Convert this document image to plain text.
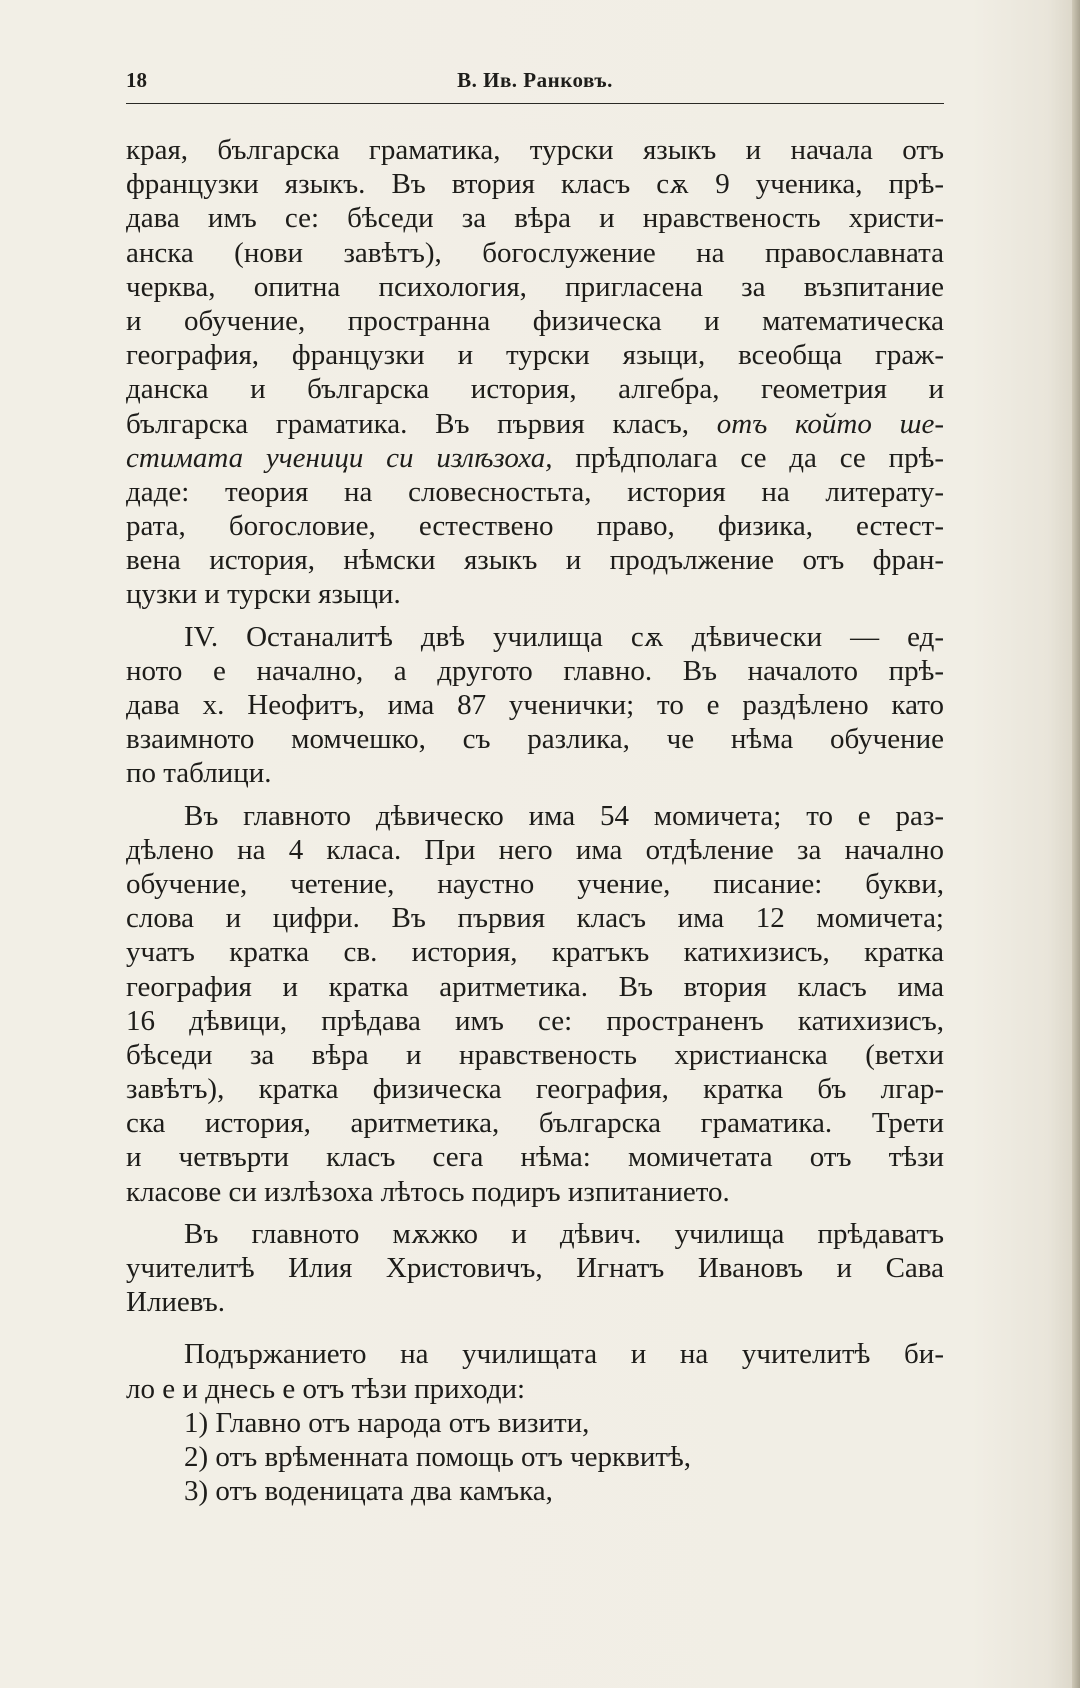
18	В. Ив. Ранковъ.
края, българска граматика, турски языкъ и начала отъ
французки языкъ. Въ втория класъ сѫ 9 ученика, прѣ-
дава имъ се: бѣседи за вѣра и нравственость христи-
анска (нови завѣтъ), богослужение на православната
черква, опитна психология, пригласена за възпитание
и обучение, пространна физическа и математическа
география, французки и турски языци, всеобща граж-
данска и българска история, алгебра, геометрия и
българска граматика. Въ първия класъ, отъ който ше-
стимата ученици си излѣзоха, прѣдполага се да се прѣ-
даде: теория на словесностьта, история на литерату-
рата, богословие, естествено право, физика, естест-
вена история, нѣмски языкъ и продължение отъ фран-
цузки и турски языци.
IV. Останалитѣ двѣ училища сѫ дѣвически — ед-
ното е начално, а другото главно. Въ началото прѣ-
дава х. Неофитъ, има 87 ученички; то е раздѣлено като
взаимното момчешко, съ разлика, че нѣма обучение
по таблици.
Въ главното дѣвическо има 54 момичета; то е раз-
дѣлено на 4 класа. При него има отдѣление за начално
обучение, четение, наустно учение, писание: букви,
слова и цифри. Въ първия класъ има 12 момичета;
учатъ кратка св. история, кратъкъ катихизисъ, кратка
география и кратка аритметика. Въ втория класъ има
16 дѣвици, прѣдава имъ се: пространенъ катихизисъ,
бѣседи за вѣра и нравственость христианска (ветхи
завѣтъ), кратка физическа география, кратка бъ лгар-
ска история, аритметика, българска граматика. Трети
и четвърти класъ сега нѣма: момичетата отъ тѣзи
класове си излѣзоха лѣтось подиръ изпитанието.
Въ главното мѫжко и дѣвич. училища прѣдаватъ
учителитѣ Илия Христовичъ, Игнатъ Ивановъ и Сава
Илиевъ.
Подържанието на училищата и на учителитѣ би-
ло е и днесь е отъ тѣзи приходи:
1) Главно отъ народа отъ визити,
2) отъ врѣменната помощь отъ черквитѣ,
3) отъ воденицата два камъка,
